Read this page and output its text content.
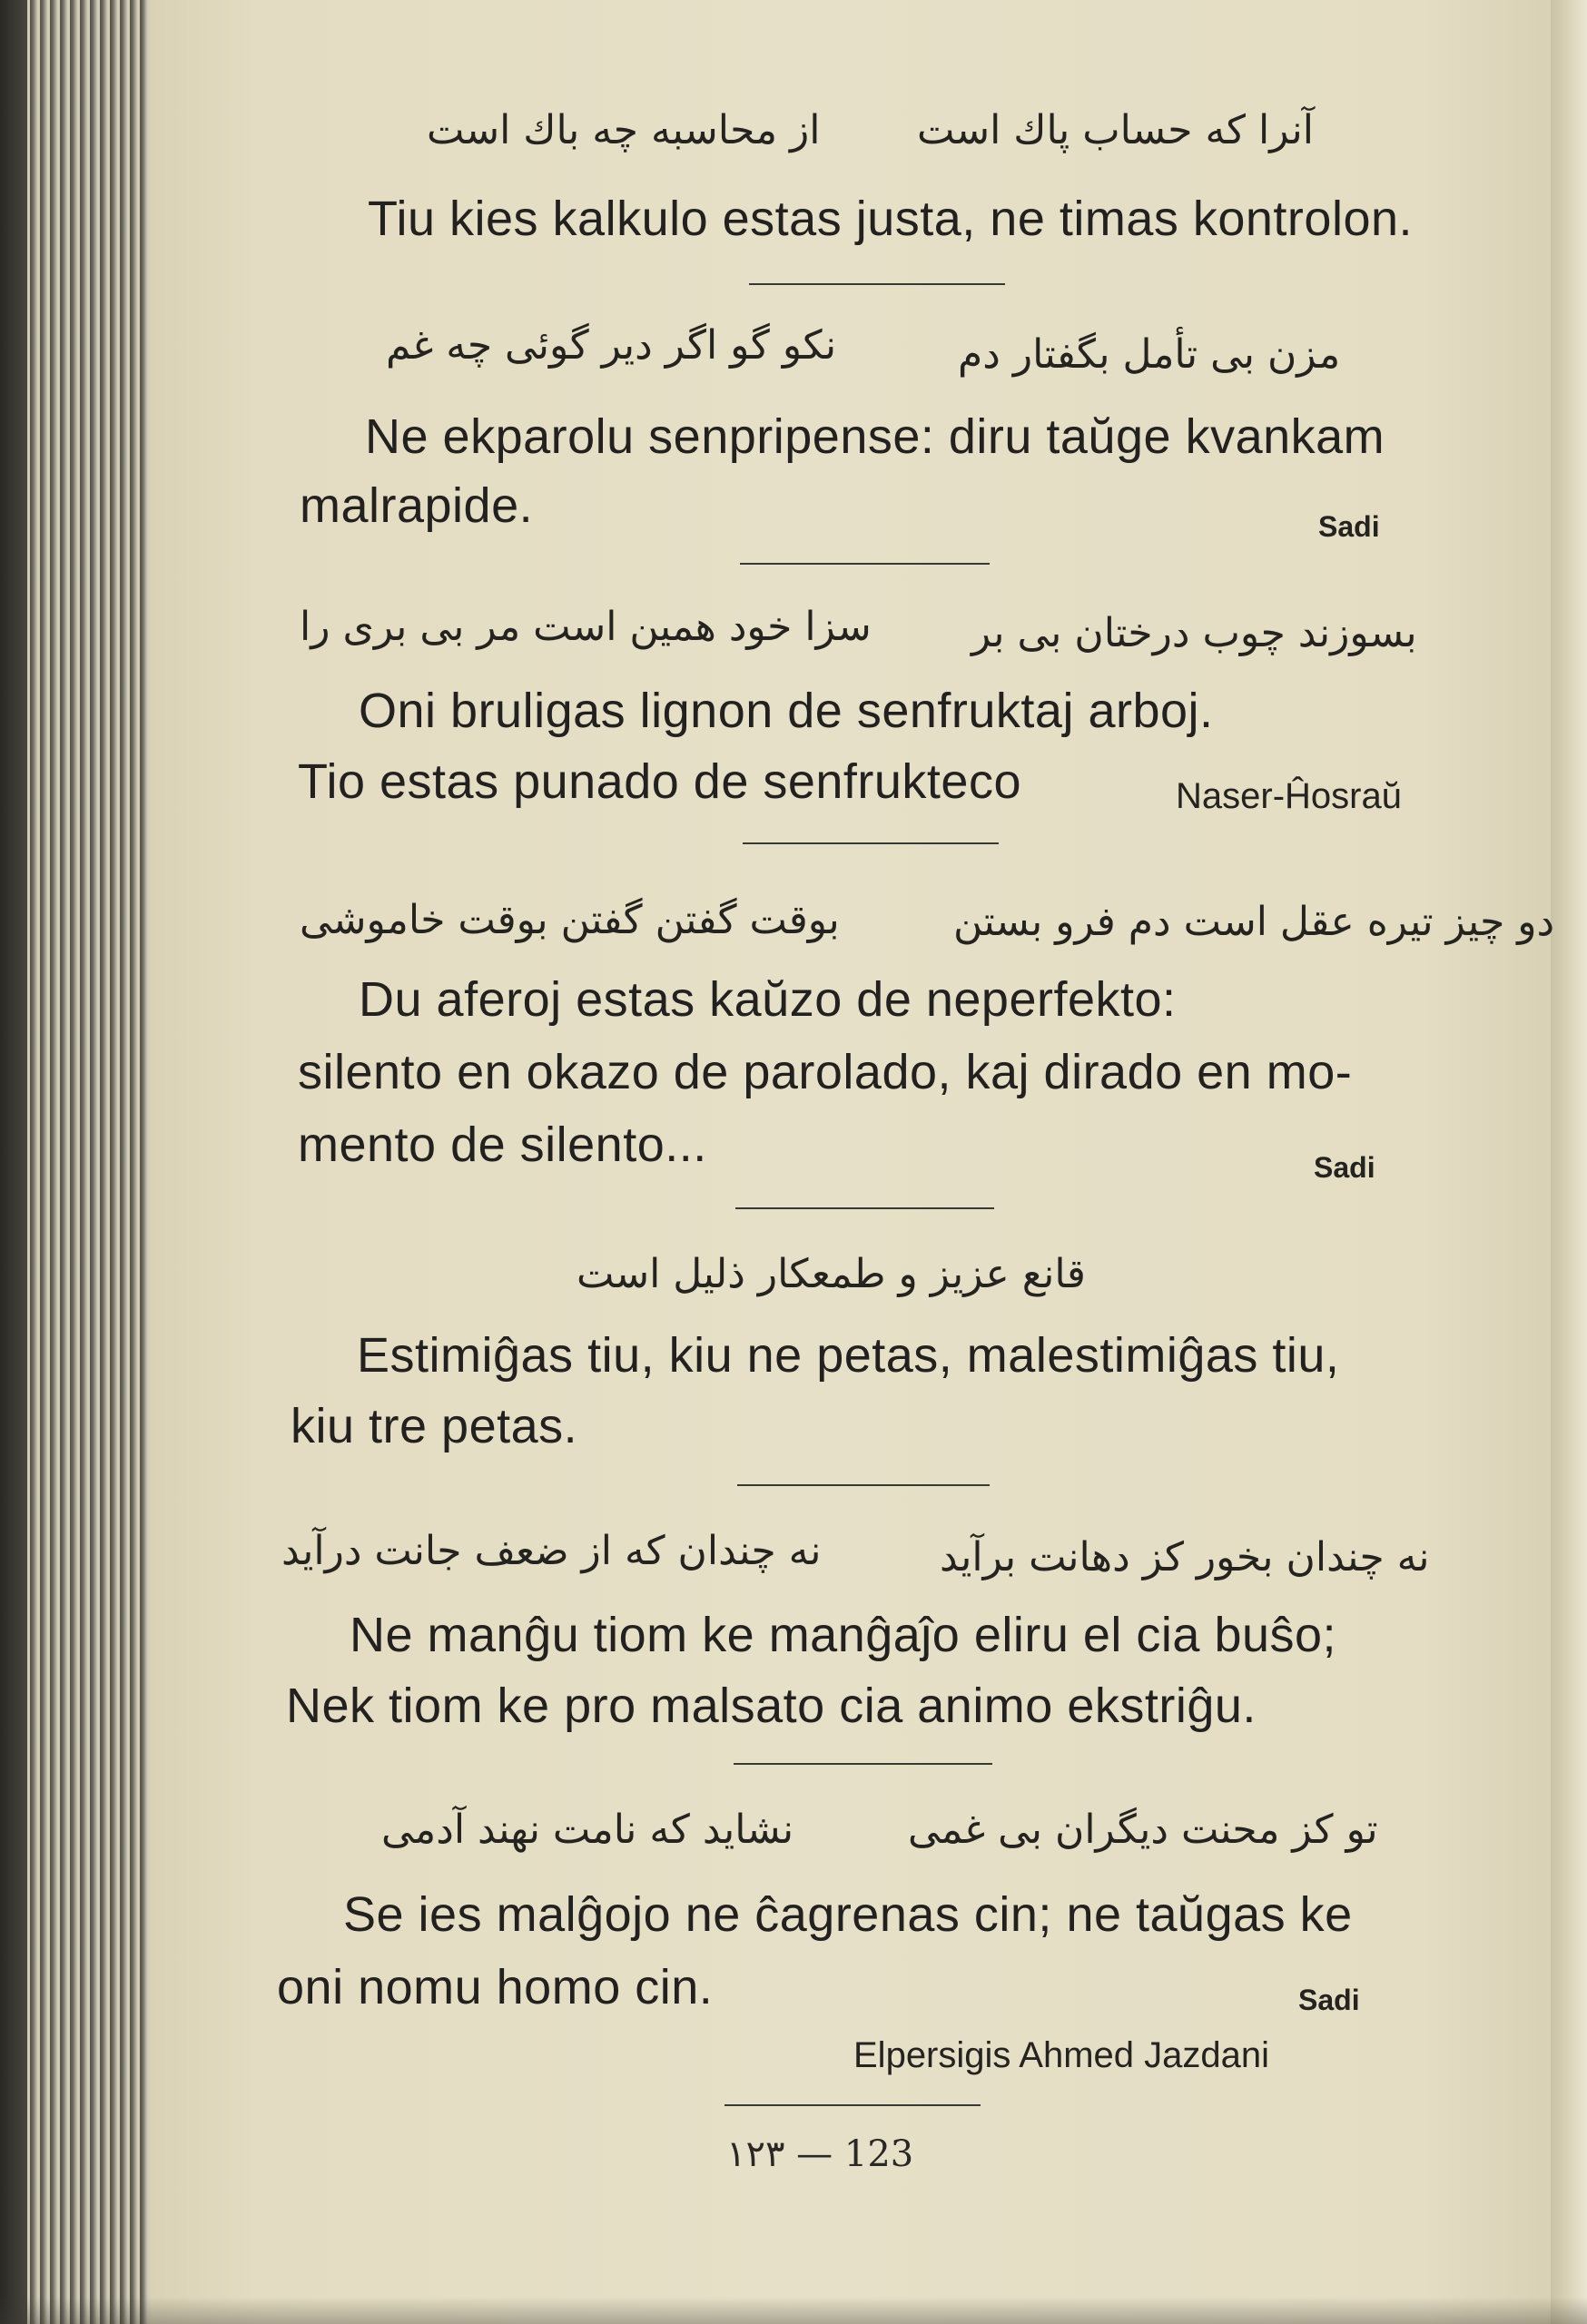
آنرا که حساب پاك است
از محاسبه چه باك است
Tiu kies kalkulo estas justa, ne timas kontrolon.
مزن بی تأمل بگفتار دم
نکو گو اگر دیر گوئی چه غم
Ne ekparolu senpripense: diru taŭge kvankam
malrapide.	Sadi
بسوزند چوب درختان بی بر
سزا خود همین است مر بی بری را
Oni bruligas lignon de senfruktaj arboj.
Tio estas punado de senfrukteco	Naser-Ĥosraŭ
دو چیز تیره عقل است دم فرو بستن
بوقت گفتن گفتن بوقت خاموشی
Du aferoj estas kaŭzo de neperfekto:
silento en okazo de parolado, kaj dirado en mo-
mento de silento...	Sadi
قانع عزیز و طمعکار ذلیل است
Estimiĝas tiu, kiu ne petas, malestimiĝas tiu,
kiu tre petas.
نه چندان بخور کز دهانت برآید
نه چندان که از ضعف جانت درآید
Ne manĝu tiom ke manĝaĵo eliru el cia buŝo;
Nek tiom ke pro malsato cia animo ekstriĝu.
تو کز محنت دیگران بی غمی
نشاید که نامت نهند آدمی
Se ies malĝojo ne ĉagrenas cin; ne taŭgas ke
oni nomu homo cin.	Sadi
Elpersigis Ahmed Jazdani
۱۲۳ — 123
